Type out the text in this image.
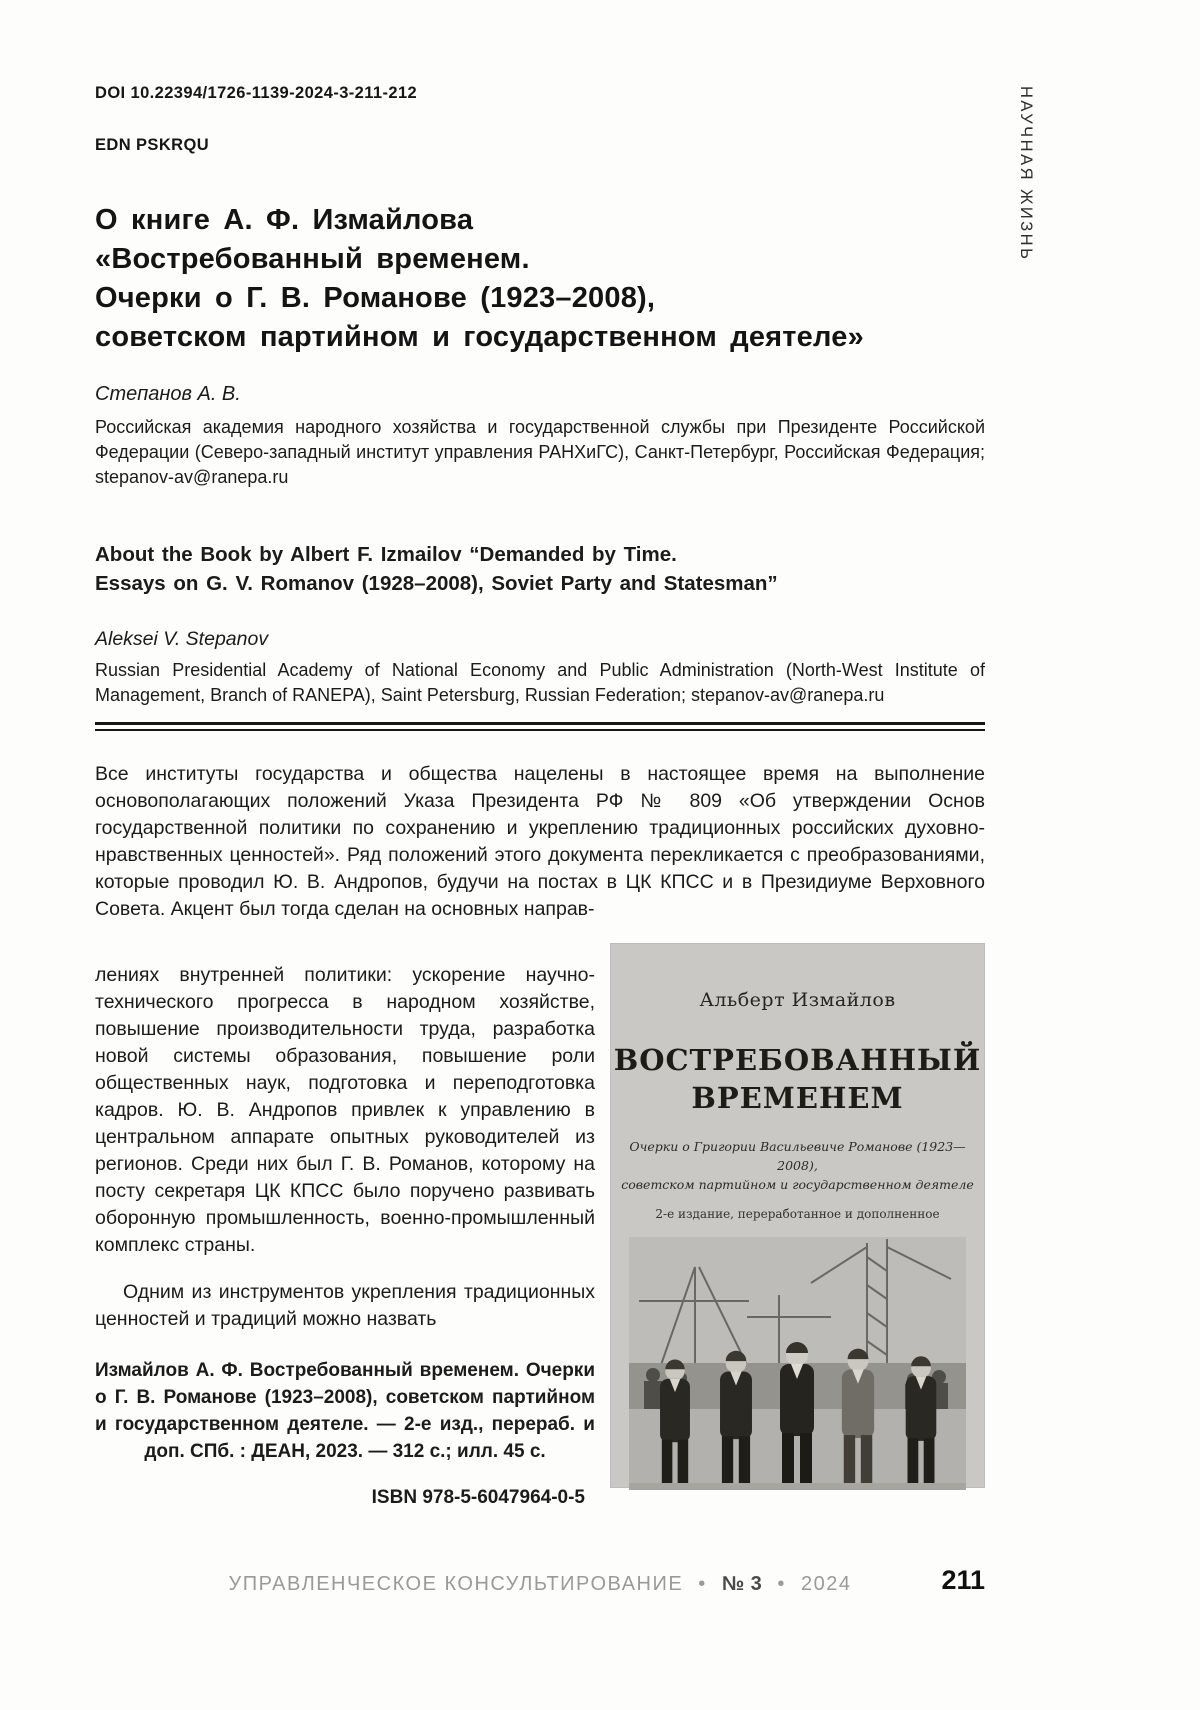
НАУЧНАЯ ЖИЗНЬ
DOI 10.22394/1726-1139-2024-3-211-212
EDN PSKRQU
О книге А. Ф. Измайлова
«Востребованный временем.
Очерки о Г. В. Романове (1923–2008),
советском партийном и государственном деятеле»
Степанов А. В.
Российская академия народного хозяйства и государственной службы при Президенте Российской Федерации (Северо-западный институт управления РАНХиГС), Санкт-Петербург, Российская Федерация; stepanov-av@ranepa.ru
About the Book by Albert F. Izmailov “Demanded by Time.
Essays on G. V. Romanov (1928–2008), Soviet Party and Statesman”
Aleksei V. Stepanov
Russian Presidential Academy of National Economy and Public Administration (North-West Institute of Management, Branch of RANEPA), Saint Petersburg, Russian Federation; stepanov-av@ranepa.ru

Все институты государства и общества нацелены в настоящее время на выполнение основополагающих положений Указа Президента РФ № 809 «Об утверждении Основ государственной политики по сохранению и укреплению традиционных российских духовно-нравственных ценностей». Ряд положений этого документа перекликается с преобразованиями, которые проводил Ю. В. Андропов, будучи на постах в ЦК КПСС и в Президиуме Верховного Совета. Акцент был тогда сделан на основных направ-

лениях внутренней политики: ускорение научно-технического прогресса в народном хозяйстве, повышение производительности труда, разработка новой системы образования, повышение роли общественных наук, подготовка и переподготовка кадров. Ю. В. Андропов привлек к управлению в центральном аппарате опытных руководителей из регионов. Среди них был Г. В. Романов, которому на посту секретаря ЦК КПСС было поручено развивать оборонную промышленность, военно-промышленный комплекс страны.

Одним из инструментов укрепления традиционных ценностей и традиций можно назвать

Измайлов А. Ф. Востребованный временем. Очерки о Г. В. Романове (1923–2008), советском партийном и государственном деятеле. — 2-е изд., перераб. и доп. СПб. : ДЕАН, 2023. — 312 с.; илл. 45 с.

ISBN 978-5-6047964-0-5

Альберт Измайлов
ВОСТРЕБОВАННЫЙ
ВРЕМЕНЕМ
Очерки о Григории Васильевиче Романове (1923—2008),
советском партийном и государственном деятеле
2-е издание, переработанное и дополненное
УПРАВЛЕНЧЕСКОЕ КОНСУЛЬТИРОВАНИЕ • № 3 • 2024	211
